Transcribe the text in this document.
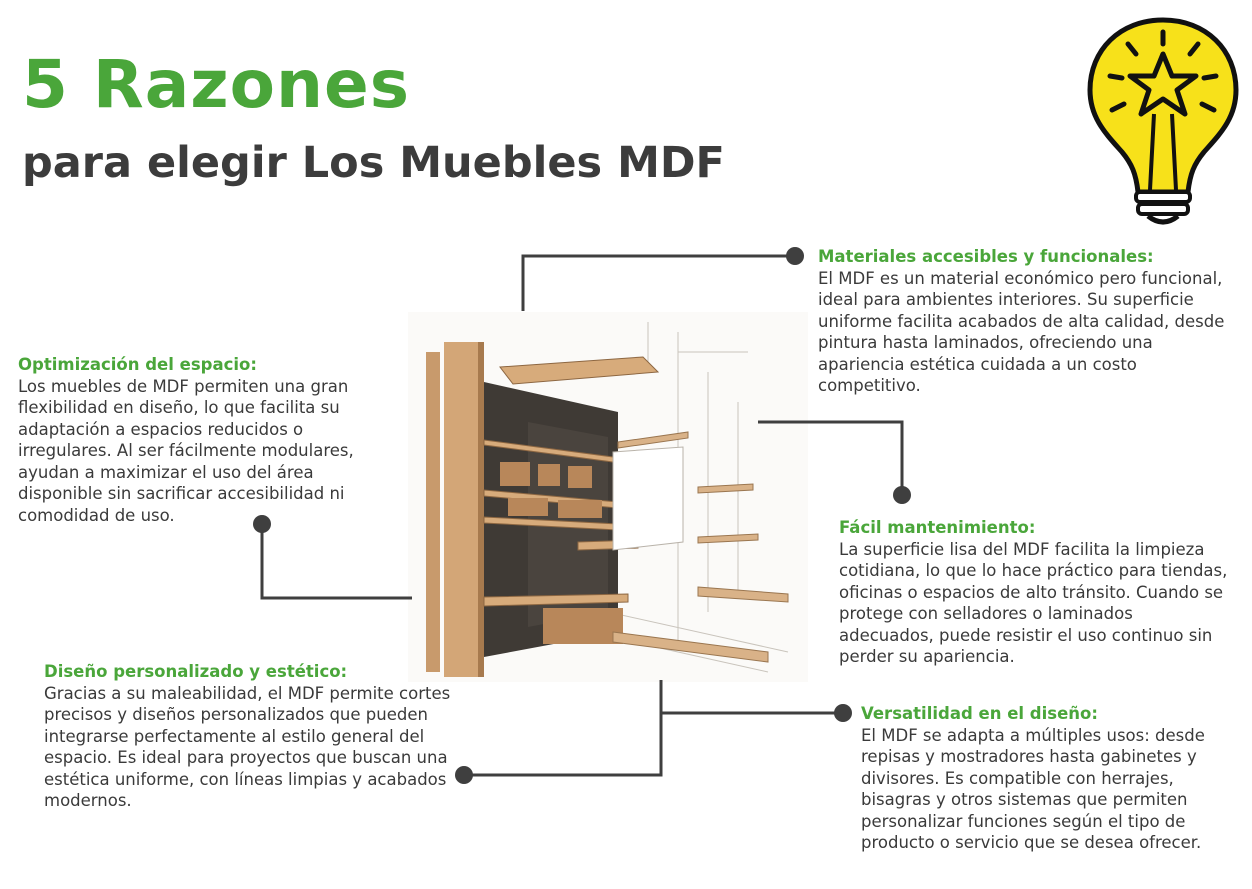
5 Razones
para elegir Los Muebles MDF
Materiales accesibles y funcionales:

El MDF es un material económico pero funcional, ideal para ambientes interiores. Su superficie uniforme facilita acabados de alta calidad, desde pintura hasta laminados, ofreciendo una apariencia estética cuidada a un costo competitivo.

Optimización del espacio:

Los muebles de MDF permiten una gran flexibilidad en diseño, lo que facilita su adaptación a espacios reducidos o irregulares. Al ser fácilmente modulares, ayudan a maximizar el uso del área disponible sin sacrificar accesibilidad ni comodidad de uso.

Fácil mantenimiento:

La superficie lisa del MDF facilita la limpieza cotidiana, lo que lo hace práctico para tiendas, oficinas o espacios de alto tránsito. Cuando se protege con selladores o laminados adecuados, puede resistir el uso continuo sin perder su apariencia.

Diseño personalizado y estético:

Gracias a su maleabilidad, el MDF permite cortes precisos y diseños personalizados que pueden integrarse perfectamente al estilo general del espacio. Es ideal para proyectos que buscan una estética uniforme, con líneas limpias y acabados modernos.

Versatilidad en el diseño:

El MDF se adapta a múltiples usos: desde repisas y mostradores hasta gabinetes y divisores. Es compatible con herrajes, bisagras y otros sistemas que permiten personalizar funciones según el tipo de producto o servicio que se desea ofrecer.
